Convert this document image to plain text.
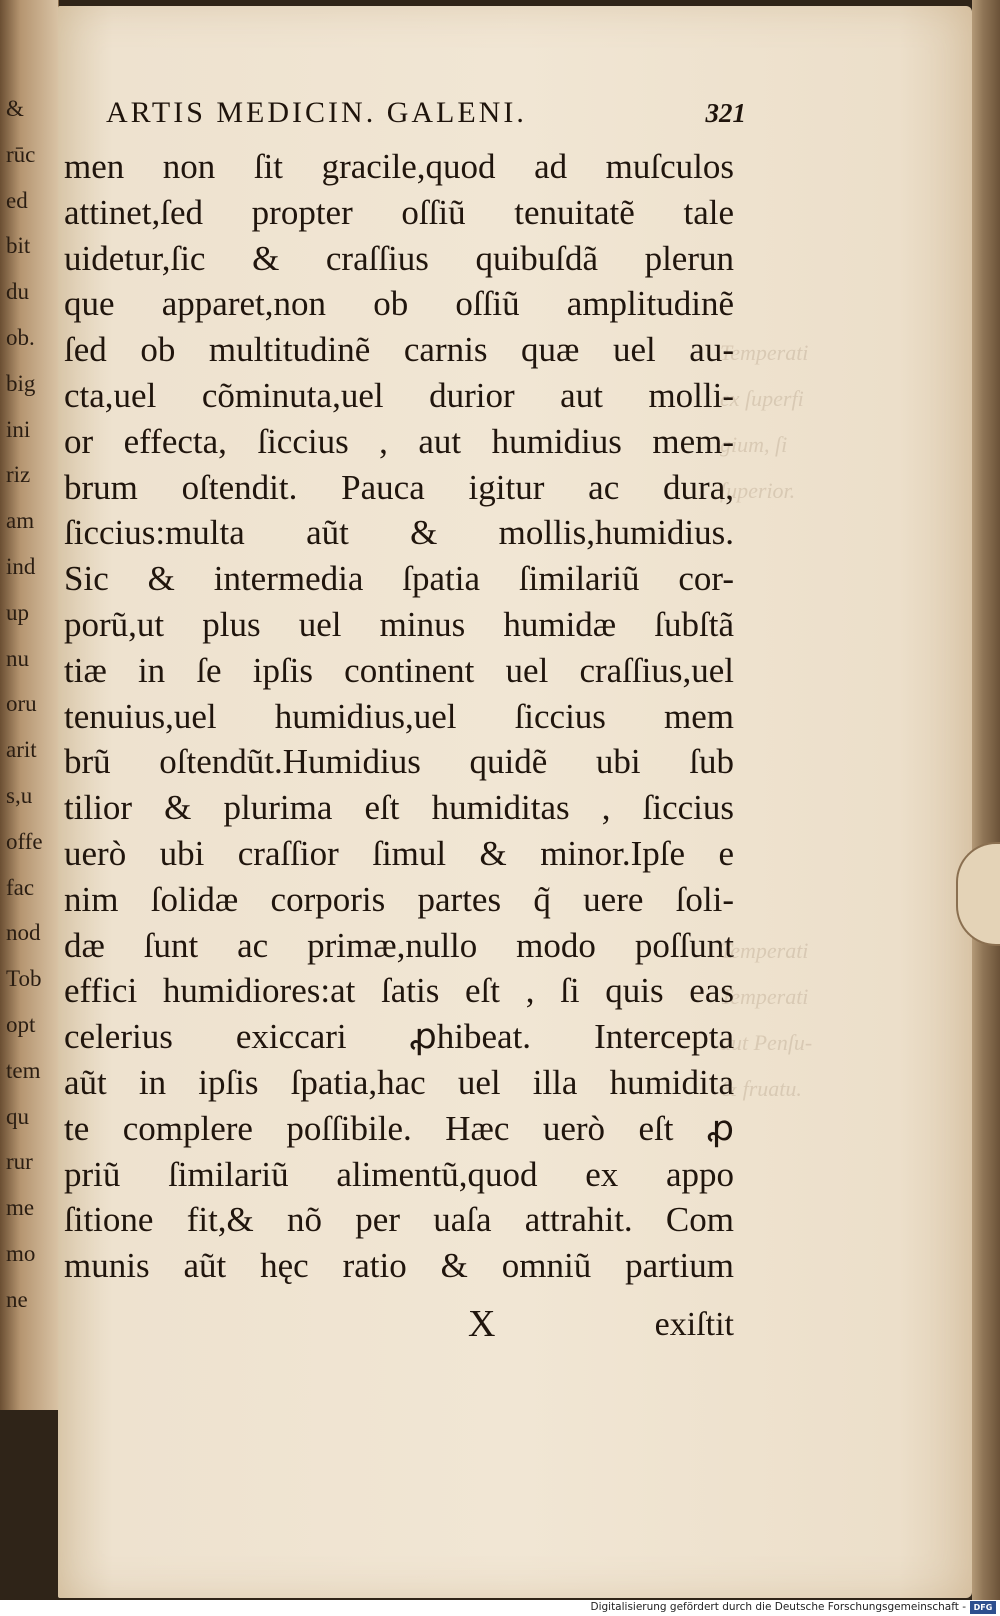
&
rūc
ed
bit
du
ob.
big
ini
riz
am
ind
up
nu
oru
arit
s,u
offe
fac
nod
Tob
opt
tem
qu
rur
me
mo
ne
Temperati
ex ſuperfi
gium, ſi
ſuperior.
Temperati
Temperati
aut Penſu-
& fruatu.
ARTIS MEDICIN. GALENI.	321
men non ſit gracile,quod ad muſculos
attinet,ſed propter oſſiũ tenuitatẽ tale
uidetur,ſic & craſſius quibuſdã plerun
que apparet,non ob oſſiũ amplitudinẽ
ſed ob multitudinẽ carnis quæ uel au-
cta,uel cõminuta,uel durior aut molli-
or effecta, ſiccius , aut humidius mem-
brum oſtendit. Pauca igitur ac dura,
ſiccius:multa aũt & mollis,humidius.
Sic & intermedia ſpatia ſimilariũ cor-
porũ,ut plus uel minus humidæ ſubſtã
tiæ in ſe ipſis continent uel craſſius,uel
tenuius,uel humidius,uel ſiccius mem
brũ oſtendũt.Humidius quidẽ ubi ſub
tilior & plurima eſt humiditas , ſiccius
uerò ubi craſſior ſimul & minor.Ipſe e
nim ſolidæ corporis partes q̃ uere ſoli-
dæ ſunt ac primæ,nullo modo poſſunt
effici humidiores:at ſatis eſt , ſi quis eas
celerius exiccari ꝓhibeat. Intercepta
aũt in ipſis ſpatia,hac uel illa humidita
te complere poſſibile. Hæc uerò eſt ꝓ
priũ ſimilariũ alimentũ,quod ex appo
ſitione fit,& nõ per uaſa attrahit. Com
munis aũt hęc ratio & omniũ partium
X	exiſtit
Digitalisierung gefördert durch die Deutsche Forschungsgemeinschaft - DFG
